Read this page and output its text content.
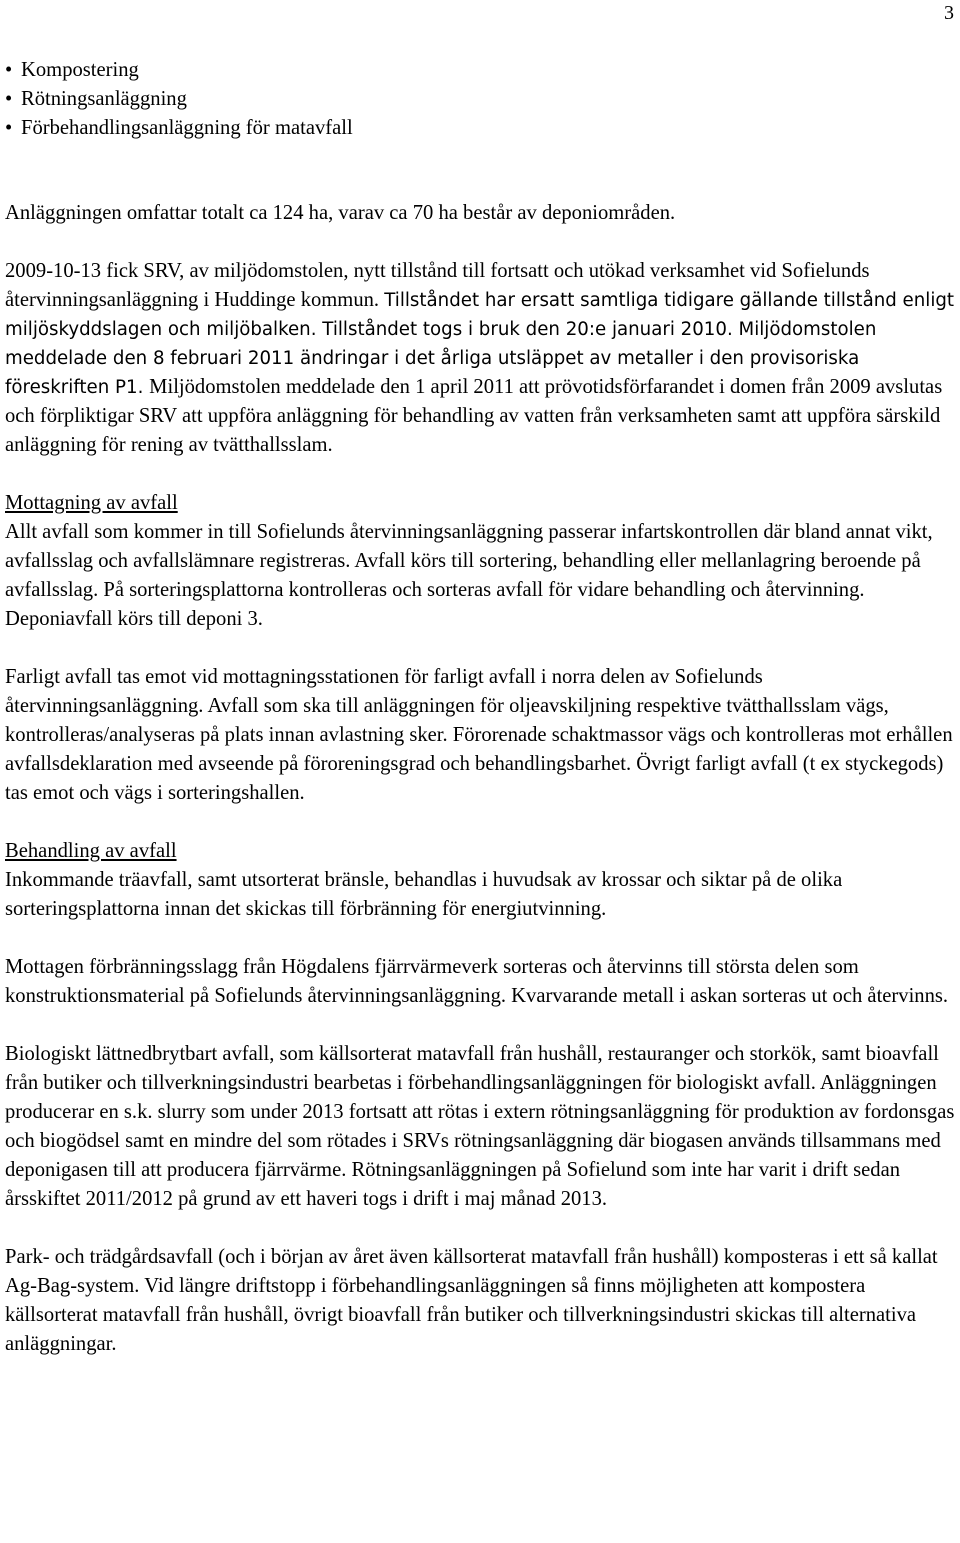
3
• Kompostering
• Rötningsanläggning
• Förbehandlingsanläggning för matavfall

Anläggningen omfattar totalt ca 124 ha, varav ca 70 ha består av deponiområden.

2009-10-13 fick SRV, av miljödomstolen, nytt tillstånd till fortsatt och utökad verksamhet vid Sofielunds återvinningsanläggning i Huddinge kommun. Tillståndet har ersatt samtliga tidigare gällande tillstånd enligt miljöskyddslagen och miljöbalken. Tillståndet togs i bruk den 20:e januari 2010. Miljödomstolen meddelade den 8 februari 2011 ändringar i det årliga utsläppet av metaller i den provisoriska föreskriften P1. Miljödomstolen meddelade den 1 april 2011 att prövotidsförfarandet i domen från 2009 avslutas och förpliktigar SRV att uppföra anläggning för behandling av vatten från verksamheten samt att uppföra särskild anläggning för rening av tvätthallsslam.

Mottagning av avfall

Allt avfall som kommer in till Sofielunds återvinningsanläggning passerar infartskontrollen där bland annat vikt, avfallsslag och avfallslämnare registreras. Avfall körs till sortering, behandling eller mellanlagring beroende på avfallsslag. På sorteringsplattorna kontrolleras och sorteras avfall för vidare behandling och återvinning. Deponiavfall körs till deponi 3.

Farligt avfall tas emot vid mottagningsstationen för farligt avfall i norra delen av Sofielunds återvinningsanläggning. Avfall som ska till anläggningen för oljeavskiljning respektive tvätthallsslam vägs, kontrolleras/analyseras på plats innan avlastning sker. Förorenade schaktmassor vägs och kontrolleras mot erhållen avfallsdeklaration med avseende på föroreningsgrad och behandlingsbarhet. Övrigt farligt avfall (t ex styckegods) tas emot och vägs i sorteringshallen.

Behandling av avfall

Inkommande träavfall, samt utsorterat bränsle, behandlas i huvudsak av krossar och siktar på de olika sorteringsplattorna innan det skickas till förbränning för energiutvinning.

Mottagen förbränningsslagg från Högdalens fjärrvärmeverk sorteras och återvinns till största delen som konstruktionsmaterial på Sofielunds återvinningsanläggning. Kvarvarande metall i askan sorteras ut och återvinns.

Biologiskt lättnedbrytbart avfall, som källsorterat matavfall från hushåll, restauranger och storkök, samt bioavfall från butiker och tillverkningsindustri bearbetas i förbehandlingsanläggningen för biologiskt avfall. Anläggningen producerar en s.k. slurry som under 2013 fortsatt att rötas i extern rötningsanläggning för produktion av fordonsgas och biogödsel samt en mindre del som rötades i SRVs rötningsanläggning där biogasen används tillsammans med deponigasen till att producera fjärrvärme. Rötningsanläggningen på Sofielund som inte har varit i drift sedan årsskiftet 2011/2012 på grund av ett haveri togs i drift i maj månad 2013.

Park- och trädgårdsavfall (och i början av året även källsorterat matavfall från hushåll) komposteras i ett så kallat Ag-Bag-system. Vid längre driftstopp i förbehandlingsanläggningen så finns möjligheten att kompostera källsorterat matavfall från hushåll, övrigt bioavfall från butiker och tillverkningsindustri skickas till alternativa anläggningar.
